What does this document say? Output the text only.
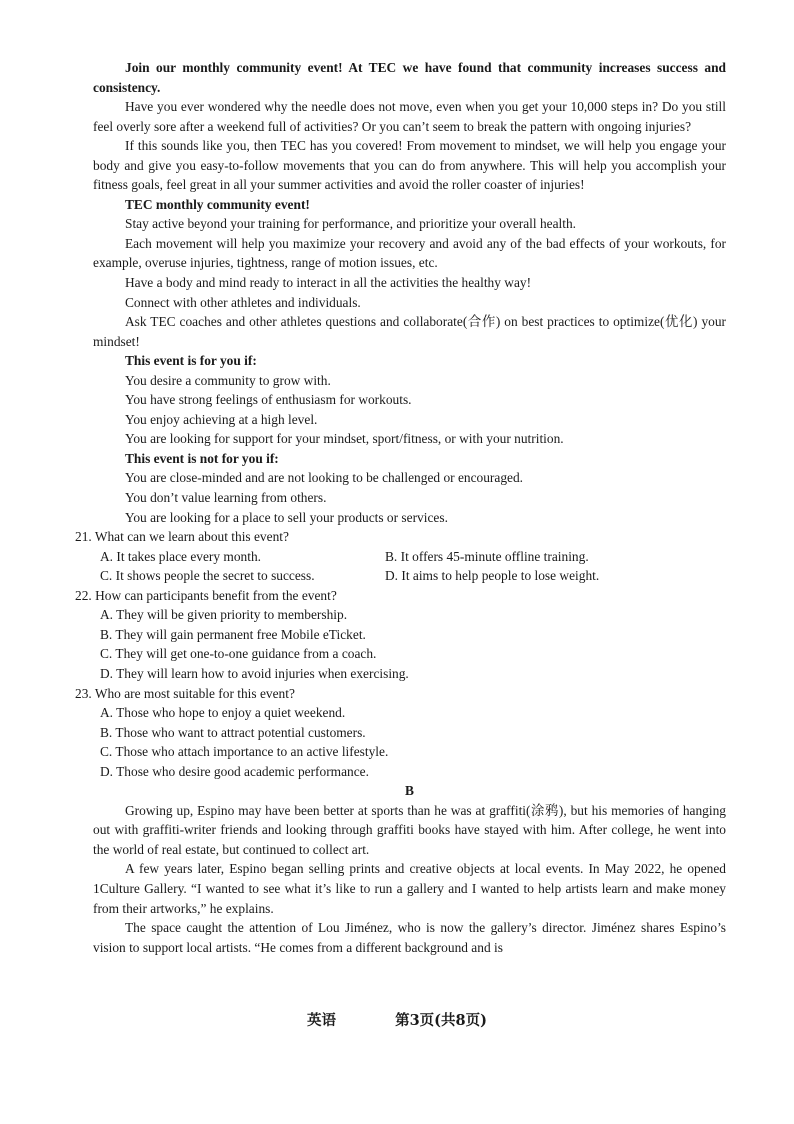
Join our monthly community event! At TEC we have found that community increases success and consistency.

Have you ever wondered why the needle does not move, even when you get your 10,000 steps in? Do you still feel overly sore after a weekend full of activities? Or you can’t seem to break the pattern with ongoing injuries?

If this sounds like you, then TEC has you covered! From movement to mindset, we will help you engage your body and give you easy-to-follow movements that you can do from anywhere. This will help you accomplish your fitness goals, feel great in all your summer activities and avoid the roller coaster of injuries!

TEC monthly community event!

Stay active beyond your training for performance, and prioritize your overall health.

Each movement will help you maximize your recovery and avoid any of the bad effects of your workouts, for example, overuse injuries, tightness, range of motion issues, etc.

Have a body and mind ready to interact in all the activities the healthy way!

Connect with other athletes and individuals.

Ask TEC coaches and other athletes questions and collaborate(合作) on best practices to optimize(优化) your mindset!

This event is for you if:

You desire a community to grow with.

You have strong feelings of enthusiasm for workouts.

You enjoy achieving at a high level.

You are looking for support for your mindset, sport/fitness, or with your nutrition.

This event is not for you if:

You are close-minded and are not looking to be challenged or encouraged.

You don’t value learning from others.

You are looking for a place to sell your products or services.

21. What can we learn about this event?

A. It takes place every month.	B. It offers 45-minute offline training.
C. It shows people the secret to success.	D. It aims to help people to lose weight.

22. How can participants benefit from the event?

A. They will be given priority to membership.

B. They will gain permanent free Mobile eTicket.

C. They will get one-to-one guidance from a coach.

D. They will learn how to avoid injuries when exercising.

23. Who are most suitable for this event?

A. Those who hope to enjoy a quiet weekend.

B. Those who want to attract potential customers.

C. Those who attach importance to an active lifestyle.

D. Those who desire good academic performance.

B

Growing up, Espino may have been better at sports than he was at graffiti(涂鸦), but his memories of hanging out with graffiti-writer friends and looking through graffiti books have stayed with him. After college, he went into the world of real estate, but continued to collect art.

A few years later, Espino began selling prints and creative objects at local events. In May 2022, he opened 1Culture Gallery. “I wanted to see what it’s like to run a gallery and I wanted to help artists learn and make money from their artworks,” he explains.

The space caught the attention of Lou Jiménez, who is now the gallery’s director. Jiménez shares Espino’s vision to support local artists. “He comes from a different background and is

英语	第3页(共8页)
